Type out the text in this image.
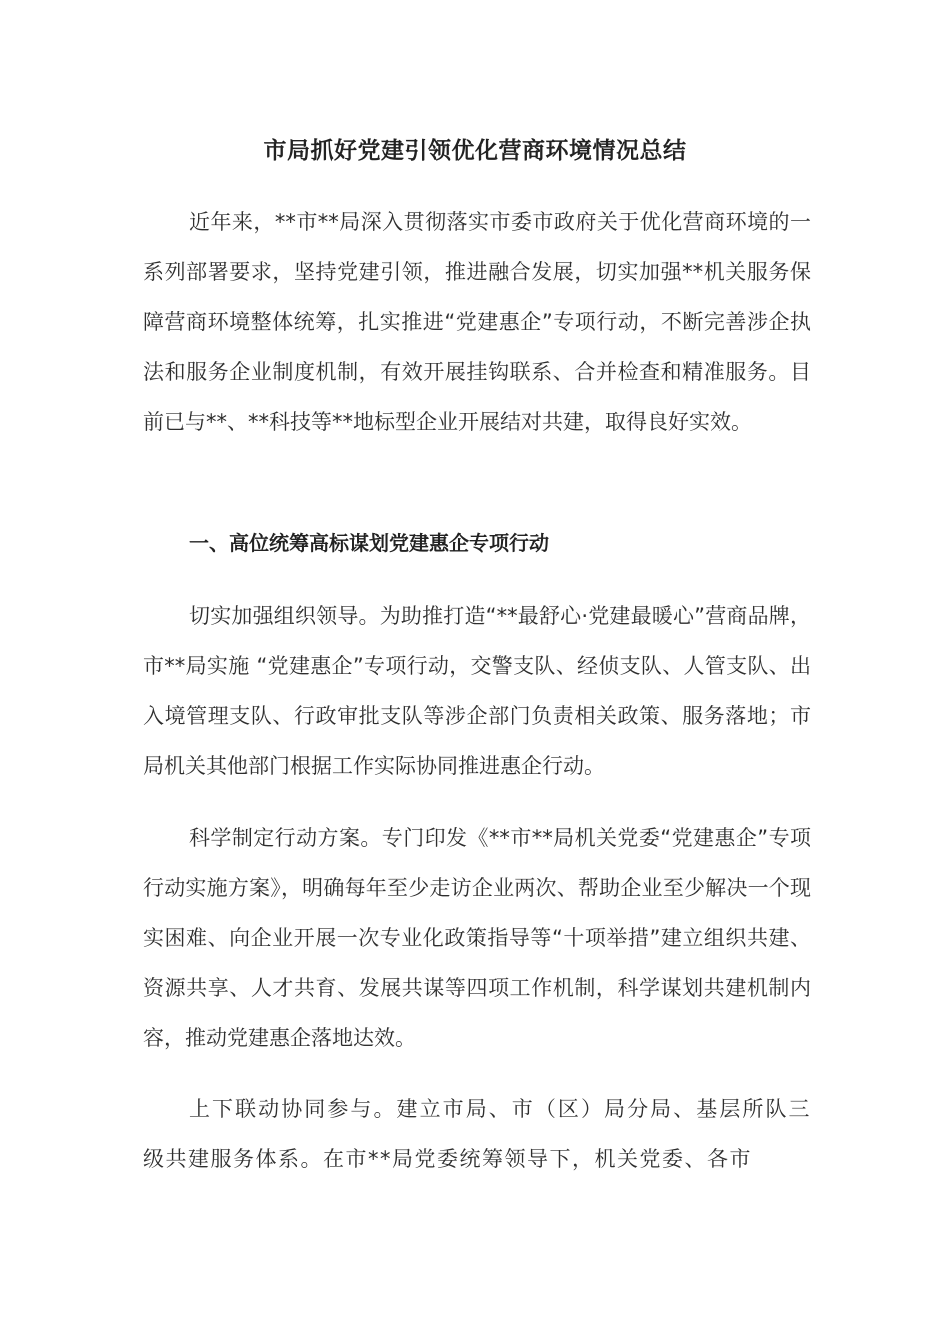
市局抓好党建引领优化营商环境情况总结
近年来，**市**局深入贯彻落实市委市政府关于优化营商环境的一系列部署要求，坚持党建引领，推进融合发展，切实加强**机关服务保障营商环境整体统筹，扎实推进“党建惠企”专项行动，不断完善涉企执法和服务企业制度机制，有效开展挂钩联系、合并检查和精准服务。目前已与**、**科技等**地标型企业开展结对共建，取得良好实效。
一、高位统筹高标谋划党建惠企专项行动
切实加强组织领导。为助推打造“**最舒心·党建最暖心”营商品牌，市**局实施 “党建惠企”专项行动，交警支队、经侦支队、人管支队、出入境管理支队、行政审批支队等涉企部门负责相关政策、服务落地；市局机关其他部门根据工作实际协同推进惠企行动。
科学制定行动方案。专门印发《**市**局机关党委“党建惠企”专项行动实施方案》，明确每年至少走访企业两次、帮助企业至少解决一个现实困难、向企业开展一次专业化政策指导等“十项举措”建立组织共建、资源共享、人才共育、发展共谋等四项工作机制，科学谋划共建机制内容，推动党建惠企落地达效。
上下联动协同参与。建立市局、市（区）局分局、基层所队三级共建服务体系。在市**局党委统筹领导下，机关党委、各市
